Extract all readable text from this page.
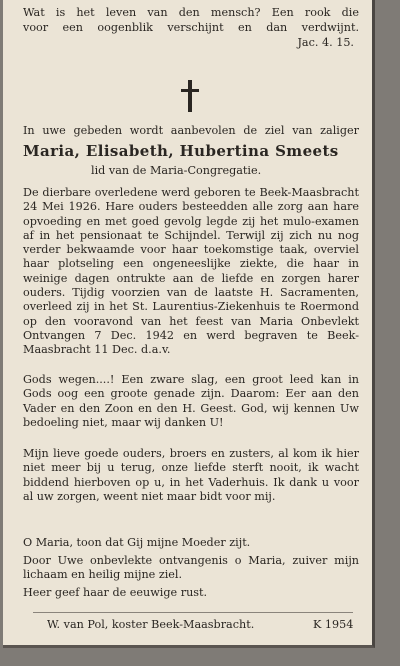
Wat is het leven van den mensch? Een rook die
voor een oogenblik verschijnt en dan verdwijnt.
Jac. 4. 15.
In uwe gebeden wordt aanbevolen de ziel van zaliger
Maria, Elisabeth, Hubertina Smeets
lid van de Maria-Congregatie.
De dierbare overledene werd geboren te Beek-Maasbracht 24 Mei 1926. Hare ouders besteedden alle zorg aan hare opvoeding en met goed gevolg legde zij het mulo-examen af in het pensionaat te Schijndel. Terwijl zij zich nu nog verder bekwaamde voor haar toekomstige taak, overviel haar plotseling een ongeneeslijke ziekte, die haar in weinige dagen ontrukte aan de liefde en zorgen harer ouders. Tijdig voorzien van de laatste H. Sacramenten, overleed zij in het St. Laurentius-Ziekenhuis te Roermond op den vooravond van het feest van Maria Onbevlekt Ontvangen 7 Dec. 1942 en werd begraven te Beek-Maasbracht 11 Dec. d.a.v.
Gods wegen....! Een zware slag, een groot leed kan in Gods oog een groote genade zijn. Daarom: Eer aan den Vader en den Zoon en den H. Geest. God, wij kennen Uw bedoeling niet, maar wij danken U!
Mijn lieve goede ouders, broers en zusters, al kom ik hier niet meer bij u terug, onze liefde sterft nooit, ik wacht biddend hierboven op u, in het Vaderhuis. Ik dank u voor al uw zorgen, weent niet maar bidt voor mij.
O Maria, toon dat Gij mijne Moeder zijt.
Door Uwe onbevlekte ontvangenis o Maria, zuiver mijn lichaam en heilig mijne ziel.
Heer geef haar de eeuwige rust.
W. van Pol, koster Beek-Maasbracht.	K 1954
